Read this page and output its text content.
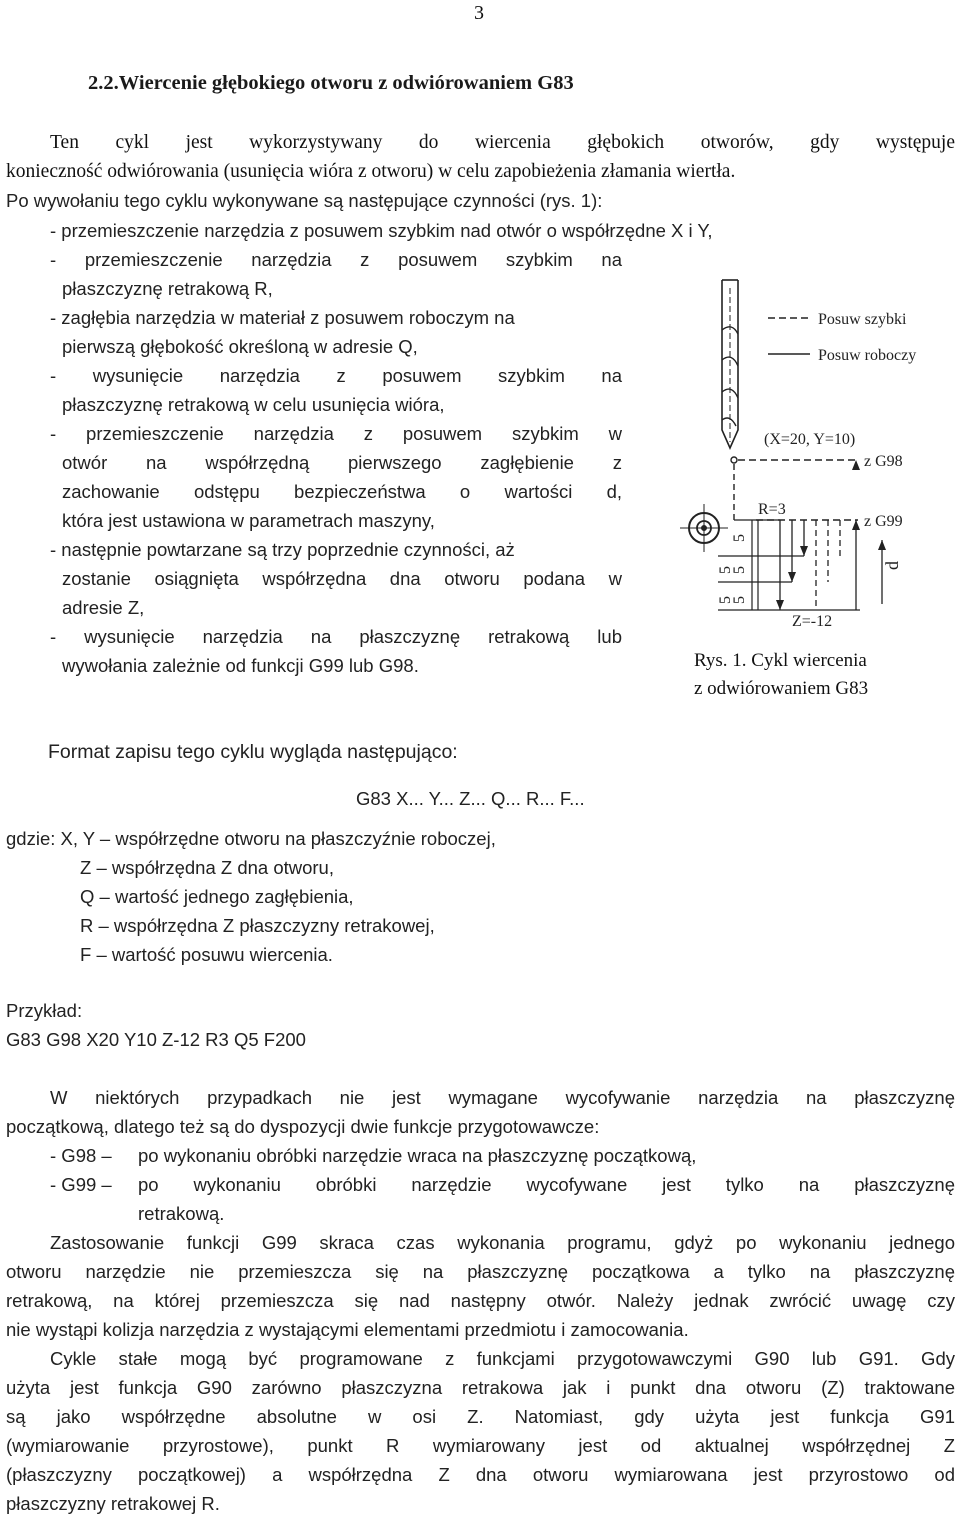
3
2.2.Wiercenie głębokiego otworu z odwiórowaniem G83
Ten cykl jest wykorzystywany do wiercenia głębokich otworów, gdy występuje
konieczność odwiórowania (usunięcia wióra z otworu) w celu zapobieżenia złamania wiertła.
Po wywołaniu tego cyklu wykonywane są następujące czynności (rys. 1):
- przemieszczenie narzędzia z posuwem szybkim nad otwór o współrzędne X i Y,
- przemieszczenie narzędzia z posuwem szybkim na
płaszczyznę retrakową R,
- zagłębia narzędzia w materiał z posuwem roboczym na
pierwszą głębokość określoną w adresie Q,
- wysunięcie narzędzia z posuwem szybkim na
płaszczyznę retrakową w celu usunięcia wióra,
- przemieszczenie narzędzia z posuwem szybkim w
otwór na współrzędną pierwszego zagłębienie z
zachowanie odstępu bezpieczeństwa o wartości d,
która jest ustawiona w parametrach maszyny,
- następnie powtarzane są trzy poprzednie czynności, aż
zostanie osiągnięta współrzędna dna otworu podana w
adresie Z,
- wysunięcie narzędzia na płaszczyznę retrakową lub
wywołania zależnie od funkcji G99 lub G98.
Posuw szybki
Posuw roboczy
(X=20, Y=10)
z G98
R=3
z G99
d
5
5
5
5
5
Z=-12
Rys. 1. Cykl wiercenia
z odwiórowaniem G83
Format zapisu tego cyklu wygląda następująco:
G83 X... Y... Z... Q... R... F...
gdzie: X, Y – współrzędne otworu na płaszczyźnie roboczej,
Z – współrzędna Z dna otworu,
Q – wartość jednego zagłębienia,
R – współrzędna Z płaszczyzny retrakowej,
F – wartość posuwu wiercenia.
Przykład:
G83 G98 X20 Y10 Z-12 R3 Q5 F200
W niektórych przypadkach nie jest wymagane wycofywanie narzędzia na płaszczyznę
początkową, dlatego też są do dyspozycji dwie funkcje przygotowawcze:
- G98 – po wykonaniu obróbki narzędzie wraca na płaszczyznę początkową,
- G99 – po wykonaniu obróbki narzędzie wycofywane jest tylko na płaszczyznę
retrakową.
Zastosowanie funkcji G99 skraca czas wykonania programu, gdyż po wykonaniu jednego
otworu narzędzie nie przemieszcza się na płaszczyznę początkowa a tylko na płaszczyznę
retrakową, na której przemieszcza się nad następny otwór. Należy jednak zwrócić uwagę czy
nie wystąpi kolizja narzędzia z wystającymi elementami przedmiotu i zamocowania.
Cykle stałe mogą być programowane z funkcjami przygotowawczymi G90 lub G91. Gdy
użyta jest funkcja G90 zarówno płaszczyzna retrakowa jak i punkt dna otworu (Z) traktowane
są jako współrzędne absolutne w osi Z. Natomiast, gdy użyta jest funkcja G91
(wymiarowanie przyrostowe), punkt R wymiarowany jest od aktualnej współrzędnej Z
(płaszczyzny początkowej) a współrzędna Z dna otworu wymiarowana jest przyrostowo od
płaszczyzny retrakowej R.
